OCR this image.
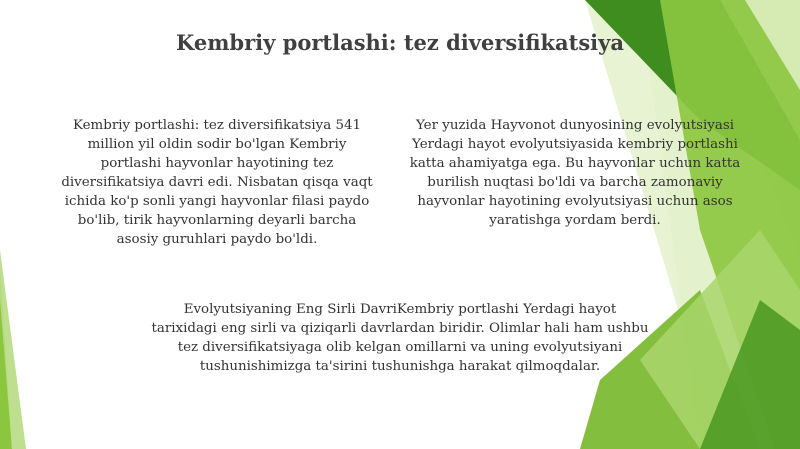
Kembriy portlashi: tez diversifikatsiya
Kembriy portlashi: tez diversifikatsiya 541 million yil oldin sodir bo'lgan Kembriy portlashi hayvonlar hayotining tez diversifikatsiya davri edi. Nisbatan qisqa vaqt ichida ko'p sonli yangi hayvonlar filasi paydo bo'lib, tirik hayvonlarning deyarli barcha asosiy guruhlari paydo bo'ldi.
Yer yuzida Hayvonot dunyosining evolyutsiyasi Yerdagi hayot evolyutsiyasida kembriy portlashi katta ahamiyatga ega. Bu hayvonlar uchun katta burilish nuqtasi bo'ldi va barcha zamonaviy hayvonlar hayotining evolyutsiyasi uchun asos yaratishga yordam berdi.
Evolyutsiyaning Eng Sirli DavriKembriy portlashi Yerdagi hayot tarixidagi eng sirli va qiziqarli davrlardan biridir. Olimlar hali ham ushbu tez diversifikatsiyaga olib kelgan omillarni va uning evolyutsiyani tushunishimizga ta'sirini tushunishga harakat qilmoqdalar.
